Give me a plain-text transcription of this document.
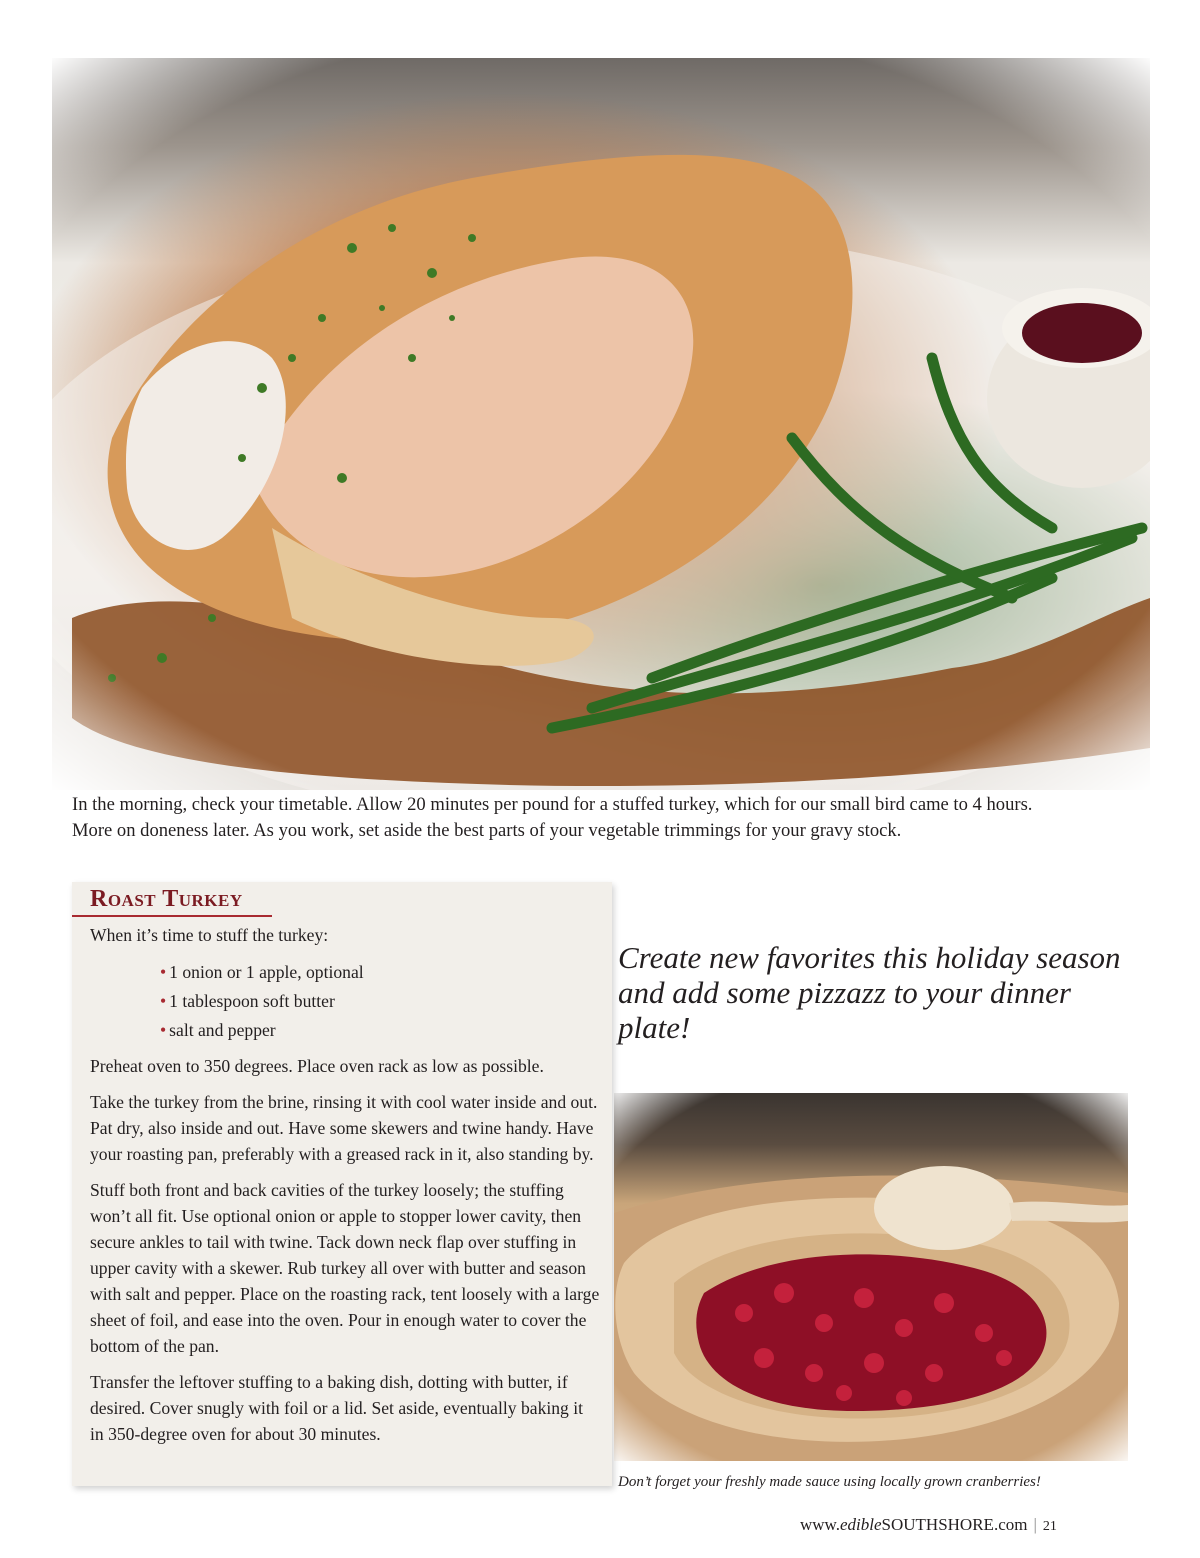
In the morning, check your timetable. Allow 20 minutes per pound for a stuffed turkey, which for our small bird came to 4 hours. More on doneness later. As you work, set aside the best parts of your vegetable trimmings for your gravy stock.

Roast Turkey

When it’s time to stuff the turkey:

• 1 onion or 1 apple, optional
• 1 tablespoon soft butter
• salt and pepper

Preheat oven to 350 degrees. Place oven rack as low as possible.

Take the turkey from the brine, rinsing it with cool water inside and out. Pat dry, also inside and out. Have some skewers and twine handy. Have your roasting pan, preferably with a greased rack in it, also standing by.

Stuff both front and back cavities of the turkey loosely; the stuffing won’t all fit. Use optional onion or apple to stopper lower cavity, then secure ankles to tail with twine. Tack down neck flap over stuffing in upper cavity with a skewer. Rub turkey all over with butter and season with salt and pepper. Place on the roasting rack, tent loosely with a large sheet of foil, and ease into the oven. Pour in enough water to cover the bottom of the pan.

Transfer the leftover stuffing to a baking dish, dotting with butter, if desired. Cover snugly with foil or a lid. Set aside, eventually baking it in 350-degree oven for about 30 minutes.

Create new favorites this holiday season and add some pizzazz to your dinner plate!

Don’t forget your freshly made sauce using locally grown cranberries!

www.edibleSOUTHSHORE.com | 21
